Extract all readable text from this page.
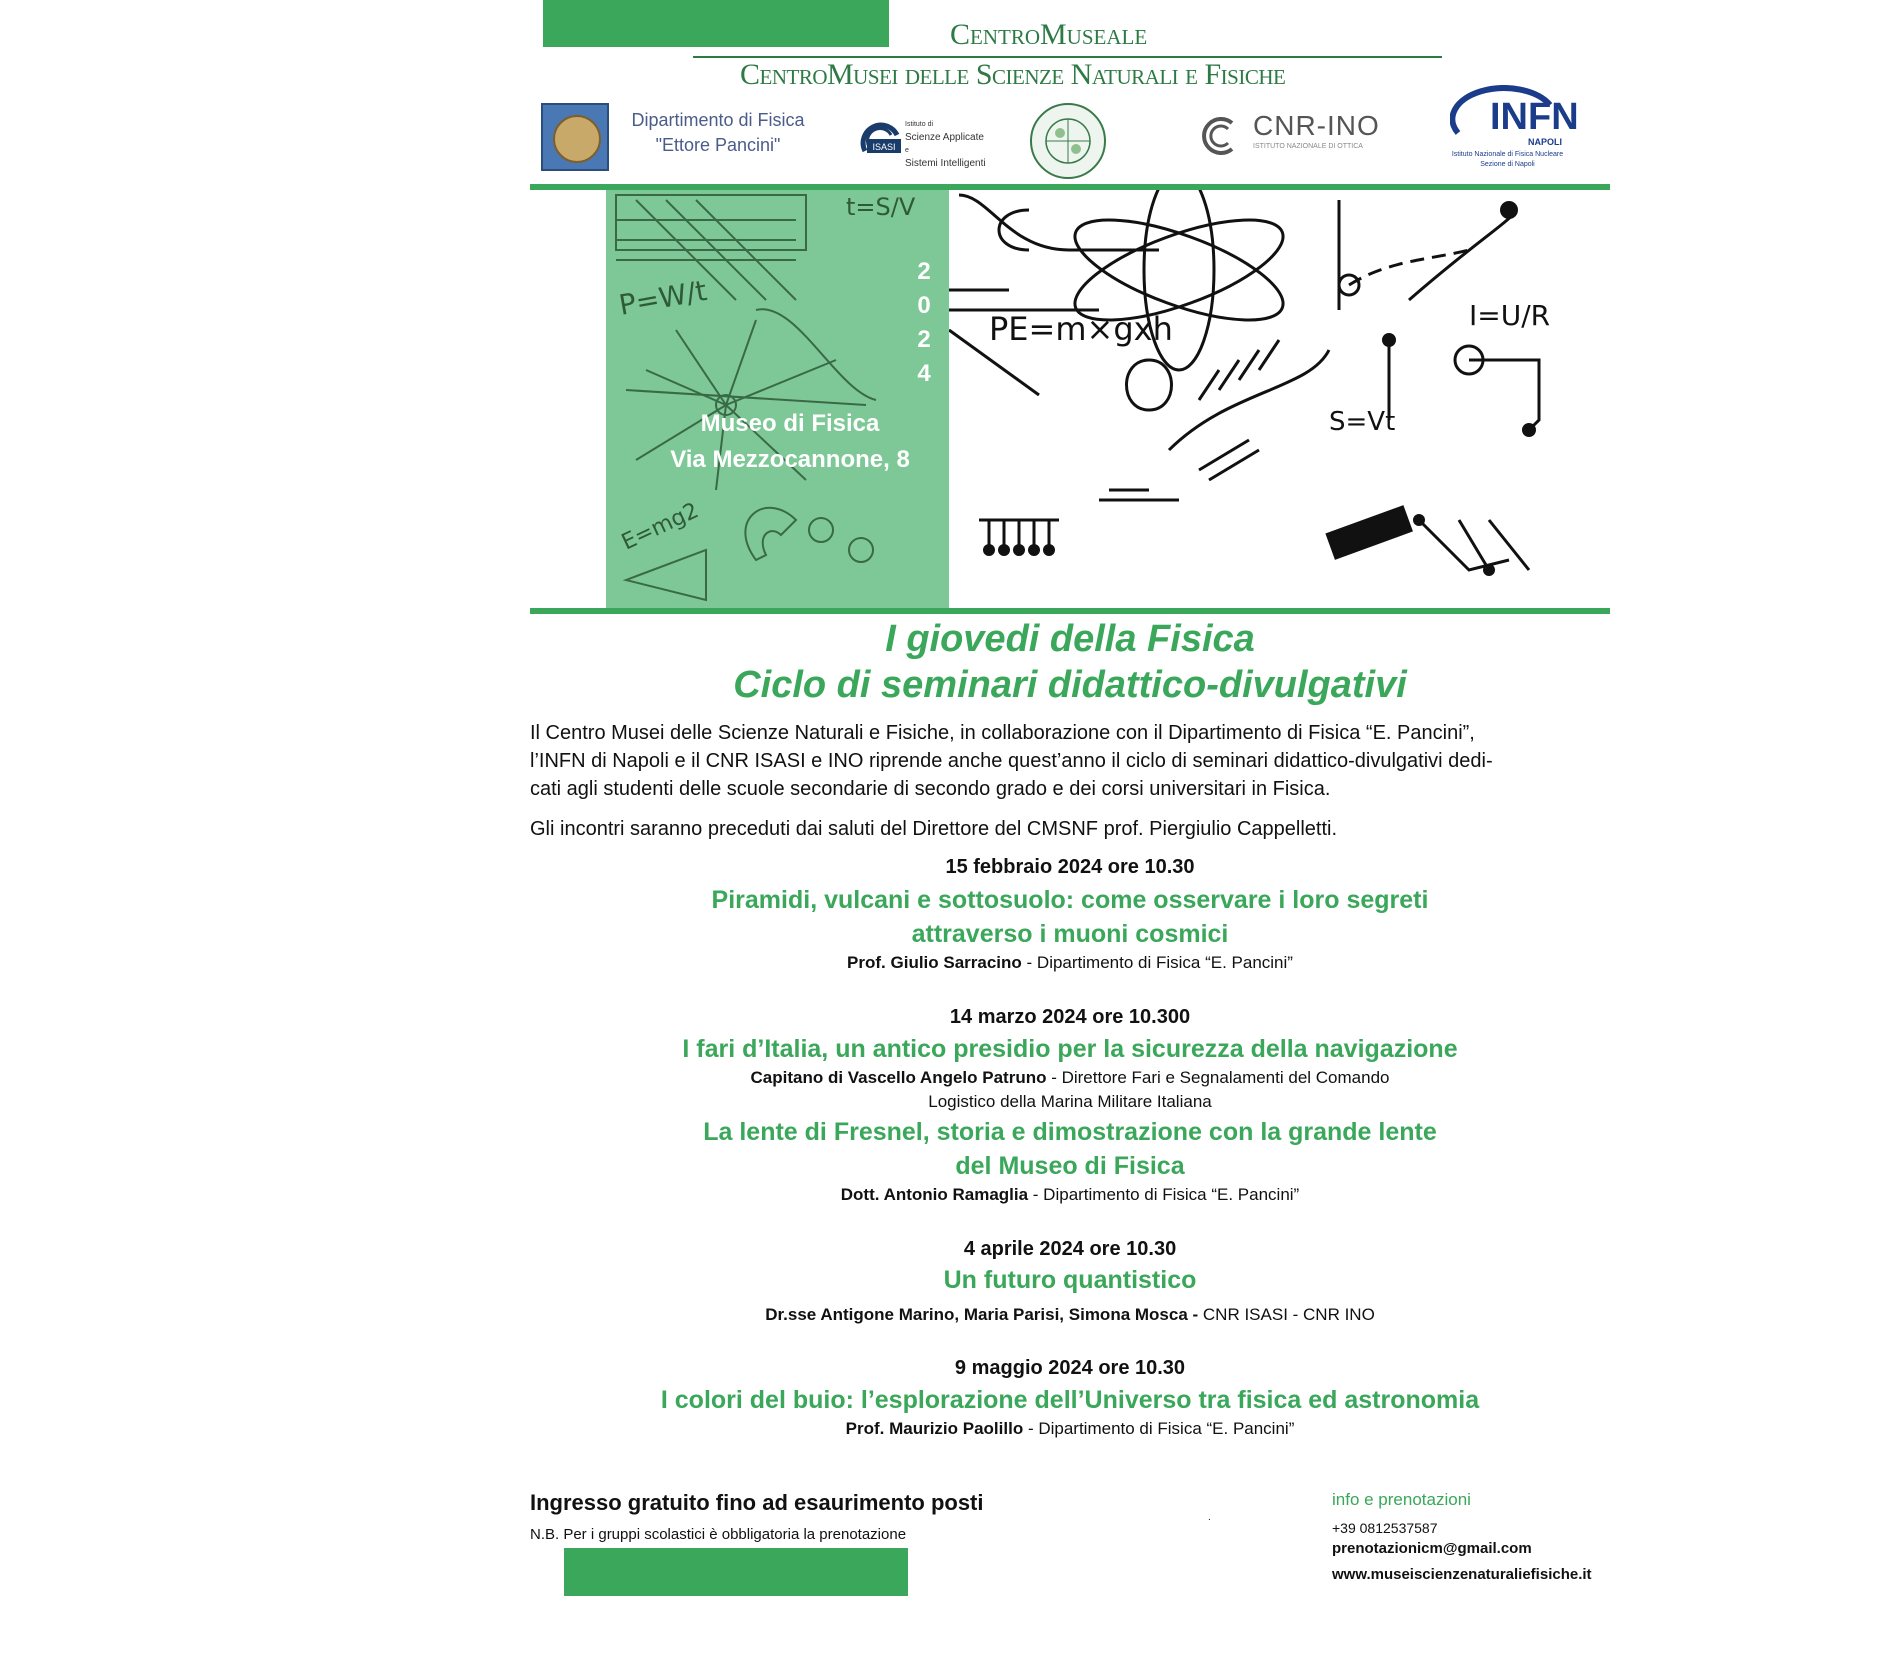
CentroMuseale
CentroMusei delle Scienze Naturali e Fisiche
Dipartimento di Fisica
"Ettore Pancini"	ISASI
Istituto di
Scienze Applicate
e
Sistemi Intelligenti
CNR-INO
ISTITUTO NAZIONALE DI OTTICA
INFN
NAPOLI
Istituto Nazionale di Fisica Nucleare
Sezione di Napoli
P=W/t
E=mg2
t=S/V
PE=m×gxh	I=U/R
S=Vt
2
0
2
4
Museo di Fisica
Via Mezzocannone, 8
I giovedi della Fisica
Ciclo di seminari didattico-divulgativi
Il Centro Musei delle Scienze Naturali e Fisiche, in collaborazione con il Dipartimento di Fisica “E. Pancini”,
l’INFN di Napoli e il CNR ISASI e INO riprende anche quest’anno il ciclo di seminari didattico-divulgativi dedi-
cati agli studenti delle scuole secondarie di secondo grado e dei corsi universitari in Fisica.
Gli incontri saranno preceduti dai saluti del Direttore del CMSNF prof. Piergiulio Cappelletti.
15 febbraio 2024 ore 10.30
Piramidi, vulcani e sottosuolo: come osservare i loro segreti
attraverso i muoni cosmici
Prof. Giulio Sarracino - Dipartimento di Fisica “E. Pancini”
14 marzo 2024 ore 10.300
I fari d’Italia, un antico presidio per la sicurezza della navigazione
Capitano di Vascello Angelo Patruno - Direttore Fari e Segnalamenti del Comando
Logistico della Marina Militare Italiana
La lente di Fresnel, storia e dimostrazione con la grande lente
del Museo di Fisica
Dott. Antonio Ramaglia - Dipartimento di Fisica “E. Pancini”
4 aprile 2024 ore 10.30
Un futuro quantistico
Dr.sse Antigone Marino, Maria Parisi, Simona Mosca - CNR ISASI - CNR INO
9 maggio 2024 ore 10.30
I colori del buio: l’esplorazione dell’Universo tra fisica ed astronomia
Prof. Maurizio Paolillo - Dipartimento di Fisica “E. Pancini”
Ingresso gratuito fino ad esaurimento posti
N.B. Per i gruppi scolastici è obbligatoria la prenotazione
.
info e prenotazioni
+39 0812537587
prenotazionicm@gmail.com
www.museiscienzenaturaliefisiche.it
